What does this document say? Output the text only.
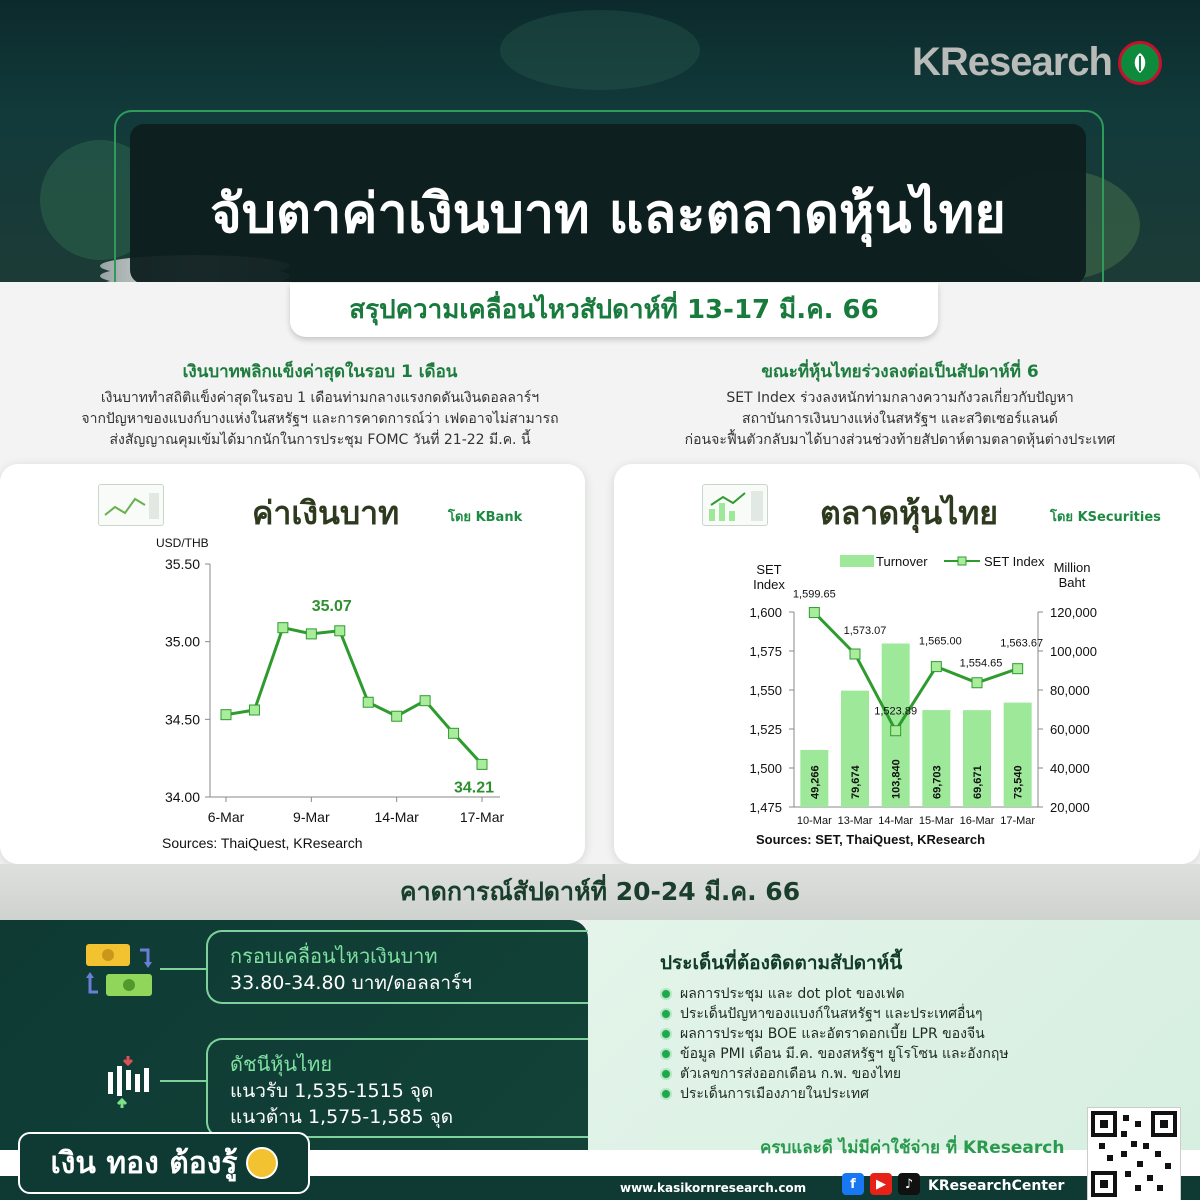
KResearch
จับตาค่าเงินบาท และตลาดหุ้นไทย
สรุปความเคลื่อนไหวสัปดาห์ที่ 13-17 มี.ค. 66
เงินบาทพลิกแข็งค่าสุดในรอบ 1 เดือน
เงินบาททำสถิติแข็งค่าสุดในรอบ 1 เดือนท่ามกลางแรงกดดันเงินดอลลาร์ฯ
จากปัญหาของแบงก์บางแห่งในสหรัฐฯ และการคาดการณ์ว่า เฟดอาจไม่สามารถ
ส่งสัญญาณคุมเข้มได้มากนักในการประชุม FOMC วันที่ 21-22 มี.ค. นี้
ขณะที่หุ้นไทยร่วงลงต่อเป็นสัปดาห์ที่ 6
SET Index ร่วงลงหนักท่ามกลางความกังวลเกี่ยวกับปัญหา
สถาบันการเงินบางแห่งในสหรัฐฯ และสวิตเซอร์แลนด์
ก่อนจะฟื้นตัวกลับมาได้บางส่วนช่วงท้ายสัปดาห์ตามตลาดหุ้นต่างประเทศ
ค่าเงินบาท	โดย KBank
USD/THB
35.50
35.00
34.50
34.00
6-Mar	9-Mar	14-Mar	17-Mar
35.07
34.21
Sources: ThaiQuest, KResearch
ตลาดหุ้นไทย	โดย KSecurities
Turnover	SET Index
SET
Index
Million
Baht
1,600
1,575
1,550
1,525
1,500
1,475
120,000
100,000
80,000
60,000
40,000
20,000
49,266	79,674	103,840	69,703	69,671	73,540
10-Mar 13-Mar 14-Mar 15-Mar 16-Mar 17-Mar
1,599.65
1,573.07
1,523.89
1,565.00
1,554.65
1,563.67
Sources: SET, ThaiQuest, KResearch
คาดการณ์สัปดาห์ที่ 20-24 มี.ค. 66
กรอบเคลื่อนไหวเงินบาท
33.80-34.80 บาท/ดอลลาร์ฯ
ดัชนีหุ้นไทย
แนวรับ 1,535-1515 จุด
แนวต้าน 1,575-1,585 จุด
ประเด็นที่ต้องติดตามสัปดาห์นี้
ผลการประชุม และ dot plot ของเฟด
ประเด็นปัญหาของแบงก์ในสหรัฐฯ และประเทศอื่นๆ
ผลการประชุม BOE และอัตราดอกเบี้ย LPR ของจีน
ข้อมูล PMI เดือน มี.ค. ของสหรัฐฯ ยูโรโซน และอังกฤษ
ตัวเลขการส่งออกเดือน ก.พ. ของไทย
ประเด็นการเมืองภายในประเทศ
ครบและดี ไม่มีค่าใช้จ่าย ที่ KResearch
เงิน ทอง ต้องรู้
www.kasikornresearch.com	f	▶	♪	KResearchCenter
